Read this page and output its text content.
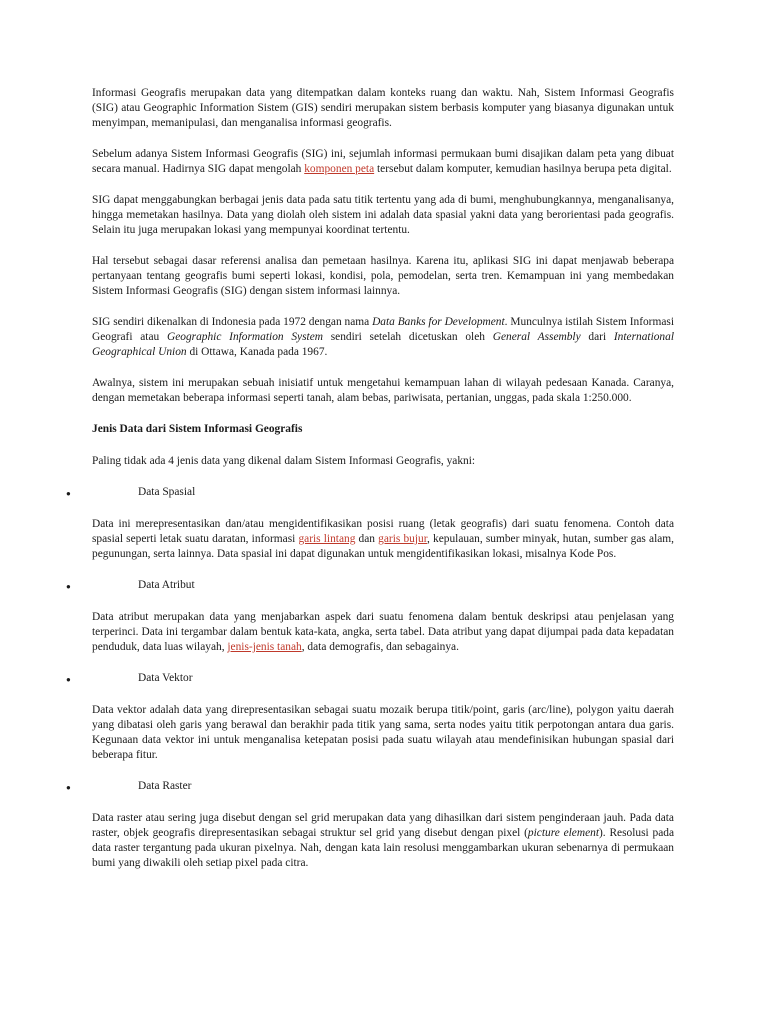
Informasi Geografis merupakan data yang ditempatkan dalam konteks ruang dan waktu. Nah, Sistem Informasi Geografis (SIG) atau Geographic Information Sistem (GIS) sendiri merupakan sistem berbasis komputer yang biasanya digunakan untuk menyimpan, memanipulasi, dan menganalisa informasi geografis.

Sebelum adanya Sistem Informasi Geografis (SIG) ini, sejumlah informasi permukaan bumi disajikan dalam peta yang dibuat secara manual. Hadirnya SIG dapat mengolah komponen peta tersebut dalam komputer, kemudian hasilnya berupa peta digital.

SIG dapat menggabungkan berbagai jenis data pada satu titik tertentu yang ada di bumi, menghubungkannya, menganalisanya, hingga memetakan hasilnya. Data yang diolah oleh sistem ini adalah data spasial yakni data yang berorientasi pada geografis. Selain itu juga merupakan lokasi yang mempunyai koordinat tertentu.

Hal tersebut sebagai dasar referensi analisa dan pemetaan hasilnya. Karena itu, aplikasi SIG ini dapat menjawab beberapa pertanyaan tentang geografis bumi seperti lokasi, kondisi, pola, pemodelan, serta tren. Kemampuan ini yang membedakan Sistem Informasi Geografis (SIG) dengan sistem informasi lainnya.

SIG sendiri dikenalkan di Indonesia pada 1972 dengan nama Data Banks for Development. Munculnya istilah Sistem Informasi Geografi atau Geographic Information System sendiri setelah dicetuskan oleh General Assembly dari International Geographical Union di Ottawa, Kanada pada 1967.

Awalnya, sistem ini merupakan sebuah inisiatif untuk mengetahui kemampuan lahan di wilayah pedesaan Kanada. Caranya, dengan memetakan beberapa informasi seperti tanah, alam bebas, pariwisata, pertanian, unggas, pada skala 1:250.000.

Jenis Data dari Sistem Informasi Geografis

Paling tidak ada 4 jenis data yang dikenal dalam Sistem Informasi Geografis, yakni:

Data Spasial

Data ini merepresentasikan dan/atau mengidentifikasikan posisi ruang (letak geografis) dari suatu fenomena. Contoh data spasial seperti letak suatu daratan, informasi garis lintang dan garis bujur, kepulauan, sumber minyak, hutan, sumber gas alam, pegunungan, serta lainnya. Data spasial ini dapat digunakan untuk mengidentifikasikan lokasi, misalnya Kode Pos.

Data Atribut

Data atribut merupakan data yang menjabarkan aspek dari suatu fenomena dalam bentuk deskripsi atau penjelasan yang terperinci. Data ini tergambar dalam bentuk kata-kata, angka, serta tabel. Data atribut yang dapat dijumpai pada data kepadatan penduduk, data luas wilayah, jenis-jenis tanah, data demografis, dan sebagainya.

Data Vektor

Data vektor adalah data yang direpresentasikan sebagai suatu mozaik berupa titik/point, garis (arc/line), polygon yaitu daerah yang dibatasi oleh garis yang berawal dan berakhir pada titik yang sama, serta nodes yaitu titik perpotongan antara dua garis. Kegunaan data vektor ini untuk menganalisa ketepatan posisi pada suatu wilayah atau mendefinisikan hubungan spasial dari beberapa fitur.

Data Raster

Data raster atau sering juga disebut dengan sel grid merupakan data yang dihasilkan dari sistem penginderaan jauh. Pada data raster, objek geografis direpresentasikan sebagai struktur sel grid yang disebut dengan pixel (picture element). Resolusi pada data raster tergantung pada ukuran pixelnya. Nah, dengan kata lain resolusi menggambarkan ukuran sebenarnya di permukaan bumi yang diwakili oleh setiap pixel pada citra.
